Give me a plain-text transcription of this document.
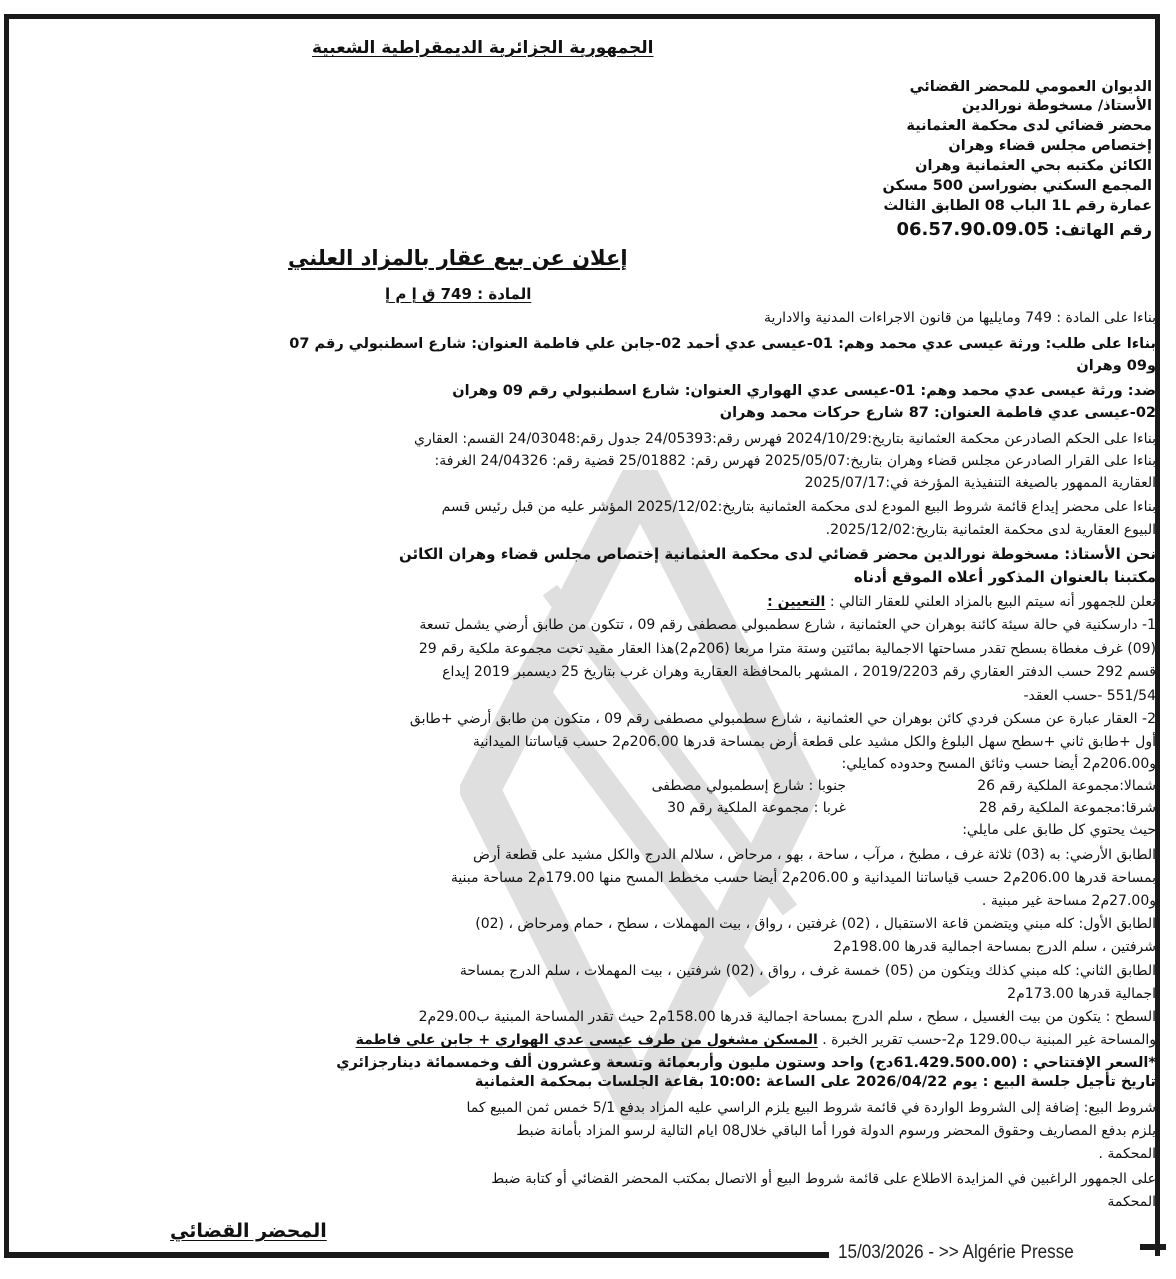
الجمهورية الجزائرية الديمقراطية الشعبية
الديوان العمومي للمحضر القضائي
الأستاذ/ مسخوطة نورالدين
محضر قضائي لدى محكمة العثمانية
إختصاص مجلس قضاء وهران
الكائن مكتبه بحي العثمانية وهران
المجمع السكني بضوراسن 500 مسكن
عمارة رقم 1L الباب 08 الطابق الثالث
رقم الهاتف: 06.57.90.09.05
إعلان عن بيع عقار بالمزاد العلني
المادة : 749 ق إ م إ
بناءا على المادة : 749 ومايليها من قانون الاجراءات المدنية والادارية
بناءا على طلب: ورثة عيسى عدي محمد وهم: 01-عيسى عدي أحمد 02-جابن علي فاطمة العنوان: شارع اسطنبولي رقم 07
و09 وهران
ضد: ورثة عيسى عدي محمد وهم: 01-عيسى عدي الهواري العنوان: شارع اسطنبولي رقم 09 وهران
02-عيسى عدي فاطمة العنوان: 87 شارع حركات محمد وهران
بناءا على الحكم الصادرعن محكمة العثمانية بتاريخ:2024/10/29 فهرس رقم:24/05393 جدول رقم:24/03048 القسم: العقاري
بناءا على القرار الصادرعن مجلس قضاء وهران بتاريخ:2025/05/07 فهرس رقم: 25/01882 قضية رقم: 24/04326 الغرفة:
العقارية الممهور بالصيغة التنفيذية المؤرخة في:2025/07/17
بناءا على محضر إيداع قائمة شروط البيع المودع لدى محكمة العثمانية بتاريخ:2025/12/02 المؤشر عليه من قبل رئيس قسم
البيوع العقارية لدى محكمة العثمانية بتاريخ:2025/12/02.
نحن الأستاذ: مسخوطة نورالدين محضر قضائي لدى محكمة العثمانية إختصاص مجلس قضاء وهران الكائن
مكتبنا بالعنوان المذكور أعلاه الموقع أدناه
نعلن للجمهور أنه سيتم البيع بالمزاد العلني للعقار التالي : التعيين :
1- دارسكنية في حالة سيئة كائنة بوهران حي العثمانية ، شارع سطمبولي مصطفى رقم 09 ، تتكون من طابق أرضي يشمل تسعة
(09) غرف مغطاة بسطح تقدر مساحتها الاجمالية بمائتين وستة مترا مربعا (206م2)هذا العقار مقيد تحت مجموعة ملكية رقم 29
قسم 292 حسب الدفتر العقاري رقم 2019/2203 ، المشهر بالمحافظة العقارية وهران غرب بتاريخ 25 ديسمبر 2019 إيداع
551/54 -حسب العقد-
2- العقار عبارة عن مسكن فردي كائن بوهران حي العثمانية ، شارع سطمبولي مصطفى رقم 09 ، متكون من طابق أرضي +طابق
أول +طابق ثاني +سطح سهل البلوغ والكل مشيد على قطعة أرض بمساحة قدرها 206.00م2 حسب قياساتنا الميدانية
و206.00م2 أيضا حسب وثائق المسح وحدوده كمايلي:
شمالا:مجموعة الملكية رقم 26
جنوبا : شارع إسطمبولي مصطفى
شرقا:مجموعة الملكية رقم 28
غربا : مجموعة الملكية رقم 30
حيث يحتوي كل طابق على مايلي:
الطابق الأرضي: به (03) ثلاثة غرف ، مطبخ ، مرآب ، ساحة ، بهو ، مرحاض ، سلالم الدرج والكل مشيد على قطعة أرض
بمساحة قدرها 206.00م2 حسب قياساتنا الميدانية و 206.00م2 أيضا حسب مخطط المسح منها 179.00م2 مساحة مبنية
و27.00م2 مساحة غير مبنية .
الطابق الأول: كله مبني ويتضمن قاعة الاستقبال ، (02) غرفتين ، رواق ، بيت المهملات ، سطح ، حمام ومرحاض ، (02)
شرفتين ، سلم الدرج بمساحة اجمالية قدرها 198.00م2
الطابق الثاني: كله مبني كذلك ويتكون من (05) خمسة غرف ، رواق ، (02) شرفتين ، بيت المهملات ، سلم الدرج بمساحة
اجمالية قدرها 173.00م2
السطح : يتكون من بيت الغسيل ، سطح ، سلم الدرج بمساحة اجمالية قدرها 158.00م2 حيث تقدر المساحة المبنية ب29.00م2
والمساحة غير المبنية ب129.00 م2-حسب تقرير الخبرة . المسكن مشغول من طرف عيسى عدي الهواري + جابن علي فاطمة
*السعر الإفتتاحي : (61.429.500.00دج) واحد وستون مليون وأربعمائة وتسعة وعشرون ألف وخمسمائة دينارجزائري
تاريخ تأجيل جلسة البيع : يوم 2026/04/22 على الساعة :10:00 بقاعة الجلسات بمحكمة العثمانية
شروط البيع: إضافة إلى الشروط الواردة في قائمة شروط البيع يلزم الراسي عليه المزاد بدفع 5/1 خمس ثمن المبيع كما
يلزم بدفع المصاريف وحقوق المحضر ورسوم الدولة فورا أما الباقي خلال08 ايام التالية لرسو المزاد بأمانة ضبط
المحكمة .
على الجمهور الراغبين في المزايدة الاطلاع على قائمة شروط البيع أو الاتصال بمكتب المحضر القضائي أو كتابة ضبط
المحكمة
المحضر القضائي
15/03/2026 - >> Algérie Presse
